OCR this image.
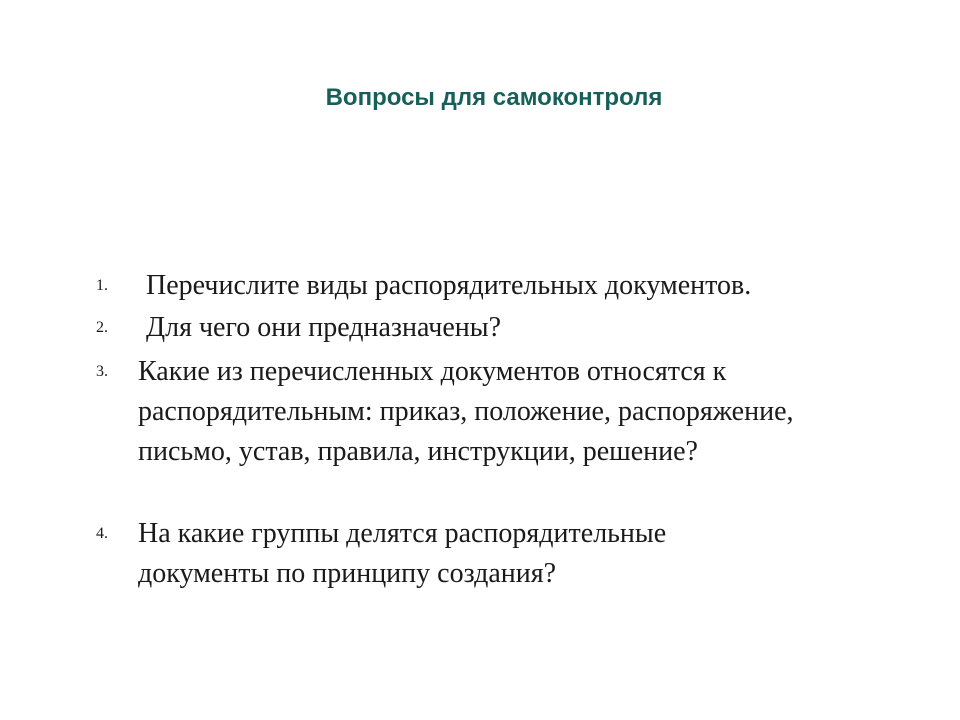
Вопросы для самоконтроля
1. Перечислите виды распорядительных документов.
2. Для чего они предназначены?
3. Какие из перечисленных документов относятся к распорядительным: приказ, положение, распоряжение, письмо, устав, правила, инструкции, решение?
4. На какие группы делятся распорядительные документы по принципу создания?
